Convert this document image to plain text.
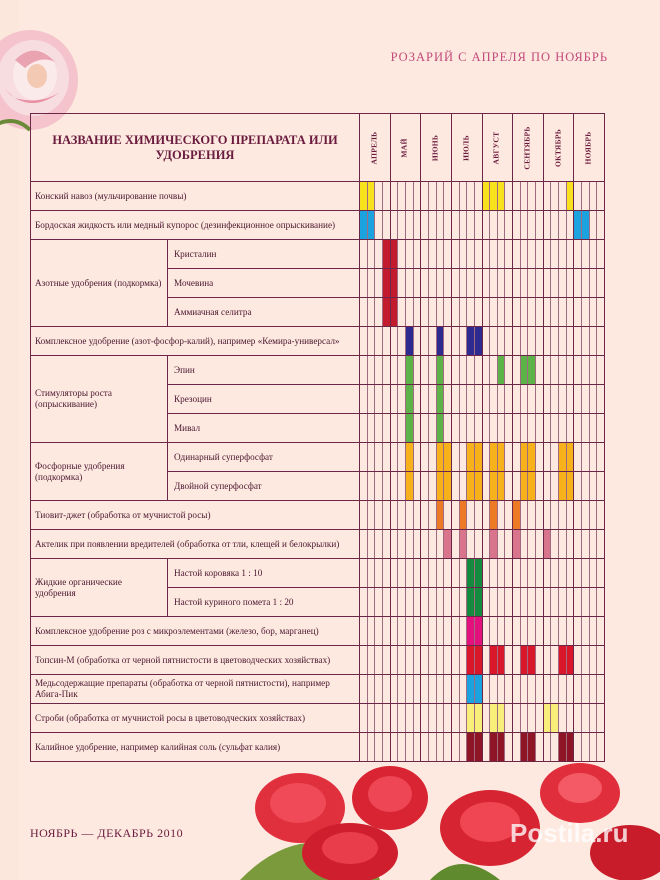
РОЗАРИЙ С АПРЕЛЯ ПО НОЯБРЬ
НАЗВАНИЕ ХИМИЧЕСКОГО ПРЕПАРАТА ИЛИ УДОБРЕНИЯ		АПРЕЛЬ	МАЙ	ИЮНЬ	ИЮЛЬ	АВГУСТ	СЕНТЯБРЬ	ОКТЯБРЬ	НОЯБРЬ

Конский навоз (мульчирование почвы)		

Бордоская жидкость или медный купорос (дезинфекционное опрыскивание)		

Азотные удобрения (подкормка)	Кристалин	

	Мочевина	

	Аммиачная селитра	

Комплексное удобрение (азот-фосфор-калий), например «Кемира-универсал»		

Стимуляторы роста (опрыскивание)	Эпин	

	Крезоцин	

	Мивал	

Фосфорные удобрения (подкормка)	Одинарный суперфосфат	

	Двойной суперфосфат	

Тиовит-джет (обработка от мучнистой росы)		

Актелик при появлении вредителей (обработка от тли, клещей и белокрылки)		

Жидкие органические удобрения	Настой коровяка 1 : 10	

	Настой куриного помета 1 : 20	

Комплексное удобрение роз с микроэлементами (железо, бор, марганец)		

Топсин-М (обработка от черной пятнистости в цветоводческих хозяйствах)		

Медьсодержащие препараты (обработка от черной пятнистости), например Абига-Пик		

Строби (обработка от мучнистой росы в цветоводческих хозяйствах)		

Калийное удобрение, например калийная соль (сульфат калия)		

Postila.ru
НОЯБРЬ — ДЕКАБРЬ 2010
